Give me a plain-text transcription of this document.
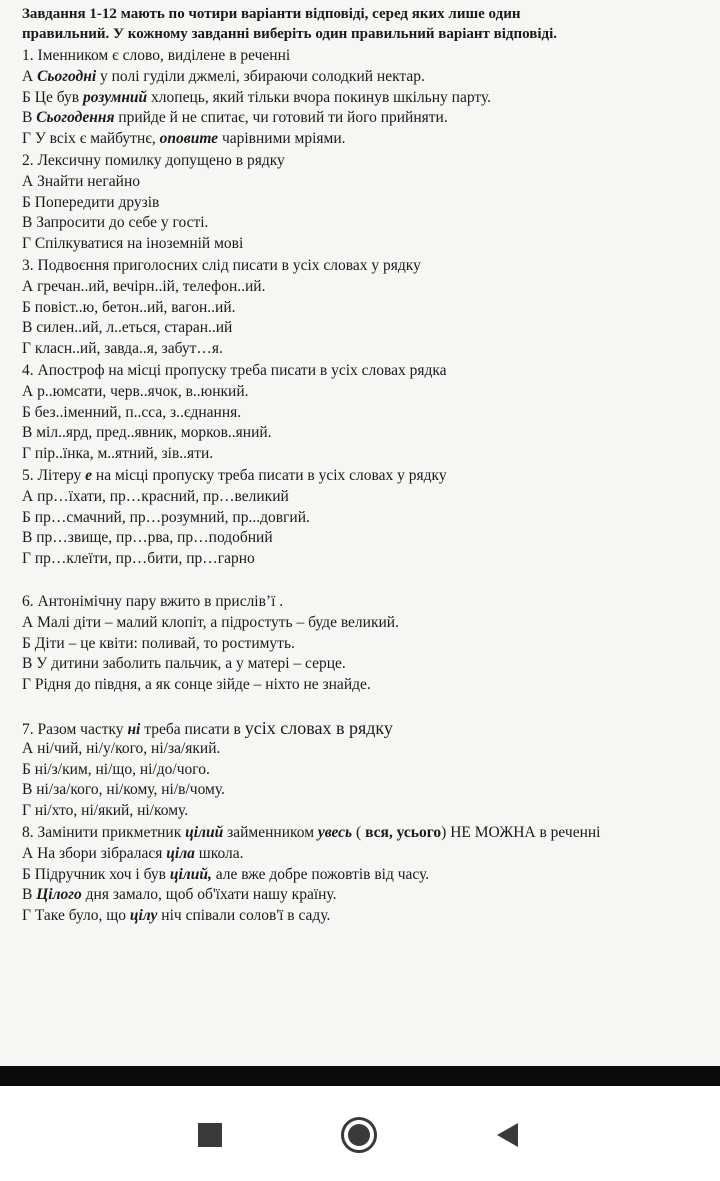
Завдання 1-12 мають по чотири варіанти відповіді, серед яких лише один
правильний. У кожному завданні виберіть один правильний варіант відповіді.
1. Іменником є слово, виділене в реченні
А Сьогодні у полі гуділи джмелі, збираючи солодкий нектар.
Б Це був розумний хлопець, який тільки вчора покинув шкільну парту.
В Сьогодення прийде й не спитає, чи готовий ти його прийняти.
Г У всіх є майбутнє, оповите чарівними мріями.
2. Лексичну помилку допущено в рядку
А Знайти негайно
Б Попередити друзів
В Запросити до себе у гості.
Г Спілкуватися на іноземній мові
3. Подвоєння приголосних слід писати в усіх словах у рядку
А гречан..ий, вечірн..ій, телефон..ий.
Б повіст..ю, бетон..ий, вагон..ий.
В силен..ий, л..еться, старан..ий
Г класн..ий, завда..я, забут…я.
4. Апостроф на місці пропуску треба писати в усіх словах рядка
А р..юмсати, черв..ячок, в..юнкий.
Б без..іменний, п..сса, з..єднання.
В міл..ярд, пред..явник, морков..яний.
Г пір..їнка, м..ятний, зів..яти.
5. Літеру е на місці пропуску треба писати в усіх словах у рядку
А пр…їхати, пр…красний, пр…великий
Б пр…смачний, пр…розумний, пр...довгий.
В пр…звище, пр…рва, пр…подобний
Г пр…клеїти, пр…бити, пр…гарно
6. Антонімічну пару вжито в прислів’ї .
А Малі діти – малий клопіт, а підростуть – буде великий.
Б Діти – це квіти: поливай, то ростимуть.
В У дитини заболить пальчик, а у матері – серце.
Г Рідня до півдня, а як сонце зійде – ніхто не знайде.
7. Разом частку ні треба писати в усіх словах в рядку
А ні/чий, ні/у/кого, ні/за/який.
Б ні/з/ким, ні/що, ні/до/чого.
В ні/за/кого, ні/кому, ні/в/чому.
Г ні/хто, ні/який, ні/кому.
8. Замінити прикметник цілий займенником увесь ( вся, усього) НЕ МОЖНА в реченні
А На збори зібралася ціла школа.
Б Підручник хоч і був цілий, але вже добре пожовтів від часу.
В Цілого дня замало, щоб об'їхати нашу країну.
Г Таке було, що цілу ніч співали солов'ї в саду.
